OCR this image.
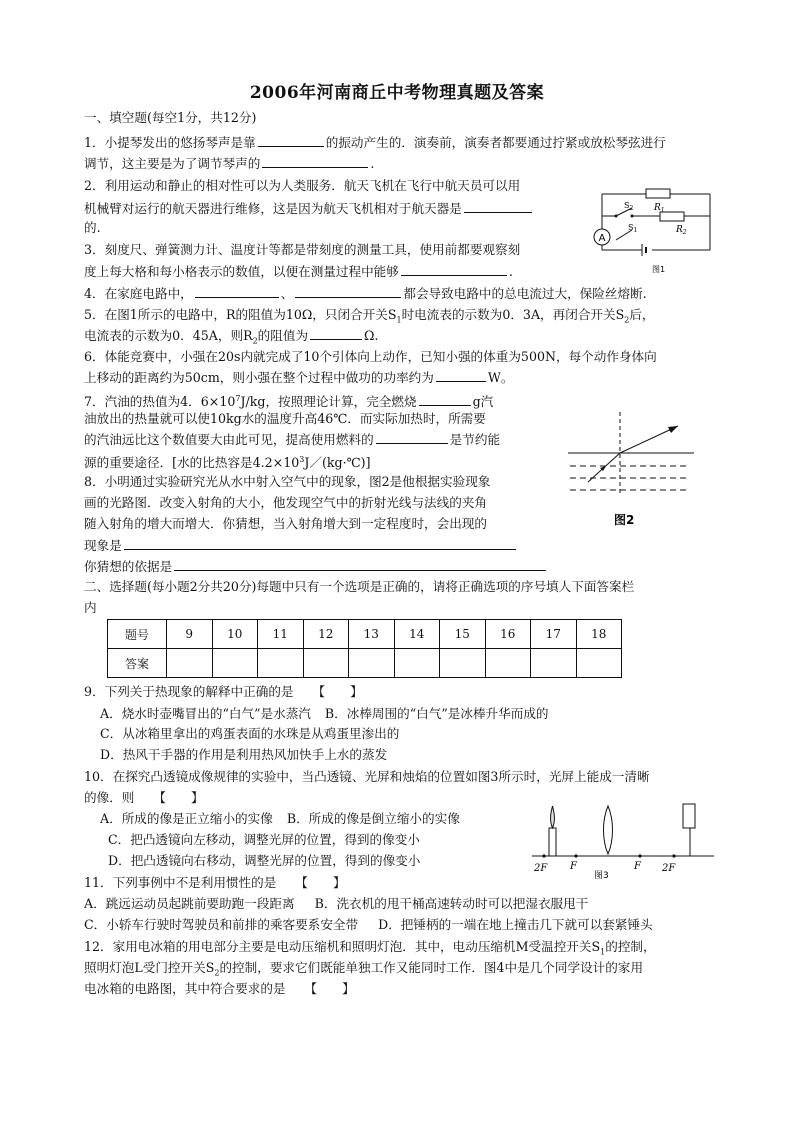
2006年河南商丘中考物理真题及答案
一、填空题(每空1分，共12分)
1．小提琴发出的悠扬琴声是靠	的振动产生的．演奏前，演奏者都要通过拧紧或放松琴弦进行
调节，这主要是为了调节琴声的	.
2．利用运动和静止的相对性可以为人类服务．航天飞机在飞行中航天员可以用
机械臂对运行的航天器进行维修，这是因为航天飞机相对于航天器是
的.
3．刻度尺、弹簧测力计、温度计等都是带刻度的测量工具，使用前都要观察刻
度上每大格和每小格表示的数值，以便在测量过程中能够	.
4．在家庭电路中，	、	都会导致电路中的总电流过大，保险丝熔断.
5．在图1所示的电路中，R的阻值为10Ω，只闭合开关$S_1$时电流表的示数为0．3A，再闭合开关$S_2$后，
电流表的示数为0．45A，则$R_2$的阻值为	Ω.
6．体能竞赛中，小强在20s内就完成了10个引体向上动作，已知小强的体重为500N，每个动作身体向
上移动的距离约为50cm，则小强在整个过程中做功的功率约为	W。
7．汽油的热值为4．$6\times 10^7J/kg$，按照理论计算，完全燃烧	g汽
油放出的热量就可以使10kg水的温度升高46℃．而实际加热时，所需要
的汽油远比这个数值要大由此可见，提高使用燃料的	是节约能
源的重要途径．[水的比热容是$4.2\times 10^3J/(kg\cdot℃)$]
8．小明通过实验研究光从水中射入空气中的现象，图2是他根据实验现象
画的光路图．改变入射角的大小，他发现空气中的折射光线与法线的夹角
随入射角的增大而增大．你猜想，当入射角增大到一定程度时，会出现的
现象是
你猜想的依据是
二、选择题(每小题2分共20分)每题中只有一个选项是正确的，请将正确选项的序号填人下面答案栏
内
题号	9	10	11	12	13	14	15	16	17	18
答案										
9．下列关于热现象的解释中正确的是　　【　　】
A．烧水时壶嘴冒出的“白气”是水蒸汽 B．冰棒周围的“白气”是冰棒升华而成的
C．从冰箱里拿出的鸡蛋表面的水珠是从鸡蛋里渗出的
D．热风干手器的作用是利用热风加快手上水的蒸发
10．在探究凸透镜成像规律的实验中，当凸透镜、光屏和烛焰的位置如图3所示时，光屏上能成一清晰
的像．则　　【　　】
A．所成的像是正立缩小的实像 B．所成的像是倒立缩小的实像
C．把凸透镜向左移动，调整光屏的位置，得到的像变小
D．把凸透镜向右移动，调整光屏的位置，得到的像变小
11．下列事例中不是利用惯性的是　　【　　】
A．跳远运动员起跳前要助跑一段距离 B．洗衣机的甩干桶高速转动时可以把湿衣服甩干
C．小轿车行驶时驾驶员和前排的乘客要系安全带 D．把锤柄的一端在地上撞击几下就可以套紧锤头
12．家用电冰箱的用电部分主要是电动压缩机和照明灯泡．其中，电动压缩机M受温控开关$S_1$的控制，
照明灯泡L受门控开关$S_2$的控制，要求它们既能单独工作又能同时工作．图4中是几个同学设计的家用
电冰箱的电路图，其中符合要求的是　　【　　】
A
$R_1$
$R_2$
$S_1$
$S_2$
图1
图2
2F F	F 2F
图3
